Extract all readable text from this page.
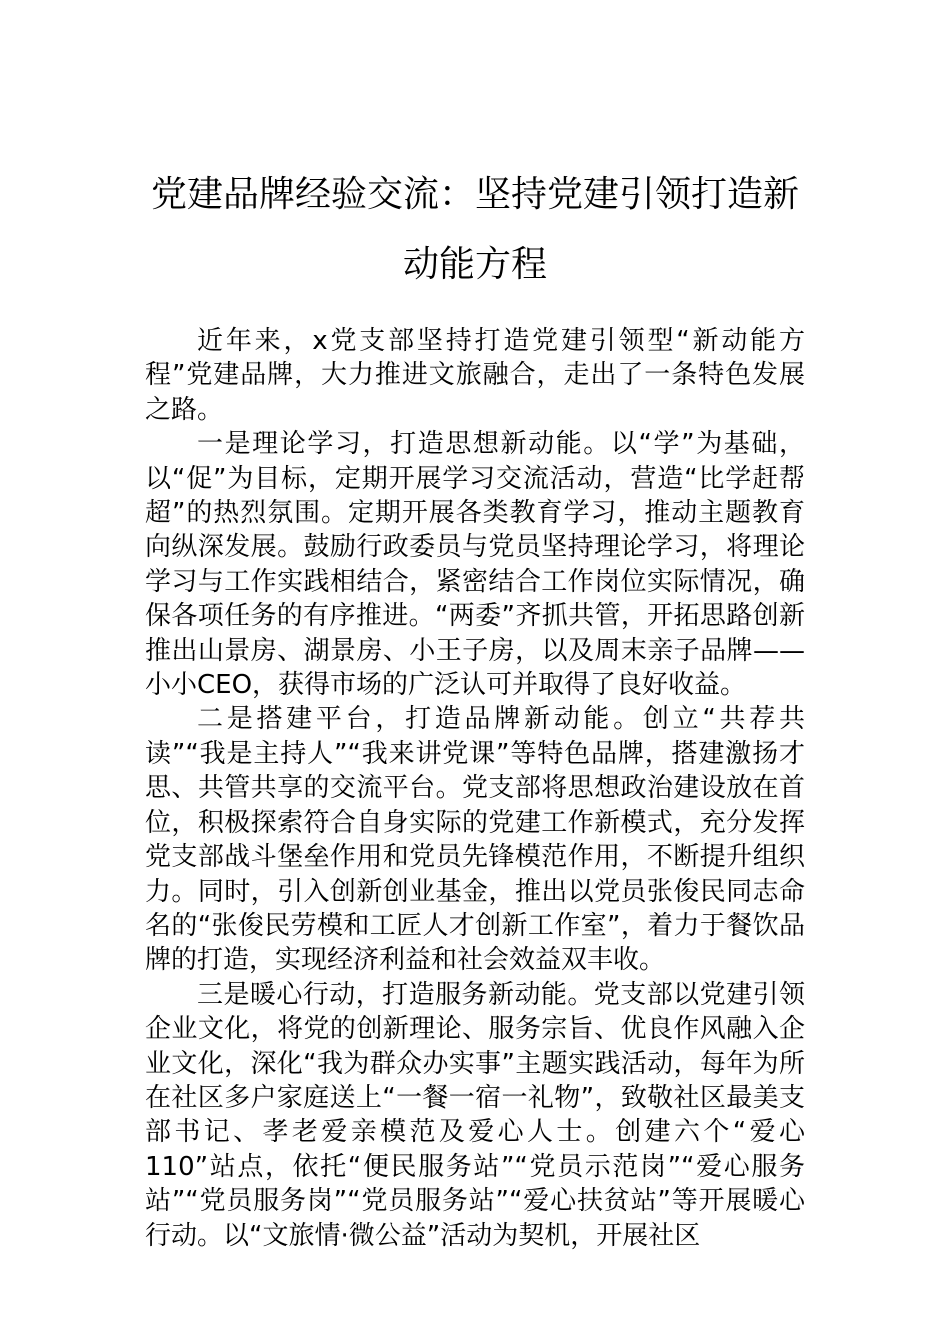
党建品牌经验交流：坚持党建引领打造新
动能方程

近年来，x党支部坚持打造党建引领型“新动能方程”党建品牌，大力推进文旅融合，走出了一条特色发展之路。

一是理论学习，打造思想新动能。以“学”为基础，以“促”为目标，定期开展学习交流活动，营造“比学赶帮超”的热烈氛围。定期开展各类教育学习，推动主题教育向纵深发展。鼓励行政委员与党员坚持理论学习，将理论学习与工作实践相结合，紧密结合工作岗位实际情况，确保各项任务的有序推进。“两委”齐抓共管，开拓思路创新推出山景房、湖景房、小王子房，以及周末亲子品牌——小小CEO，获得市场的广泛认可并取得了良好收益。

二是搭建平台，打造品牌新动能。创立“共荐共读”“我是主持人”“我来讲党课”等特色品牌，搭建激扬才思、共管共享的交流平台。党支部将思想政治建设放在首位，积极探索符合自身实际的党建工作新模式，充分发挥党支部战斗堡垒作用和党员先锋模范作用，不断提升组织力。同时，引入创新创业基金，推出以党员张俊民同志命名的“张俊民劳模和工匠人才创新工作室”，着力于餐饮品牌的打造，实现经济利益和社会效益双丰收。

三是暖心行动，打造服务新动能。党支部以党建引领企业文化，将党的创新理论、服务宗旨、优良作风融入企业文化，深化“我为群众办实事”主题实践活动，每年为所在社区多户家庭送上“一餐一宿一礼物”，致敬社区最美支部书记、孝老爱亲模范及爱心人士。创建六个“爱心110”站点，依托“便民服务站”“党员示范岗”“爱心服务站”“党员服务岗”“党员服务站”“爱心扶贫站”等开展暖心行动。以“文旅情·微公益”活动为契机，开展社区
